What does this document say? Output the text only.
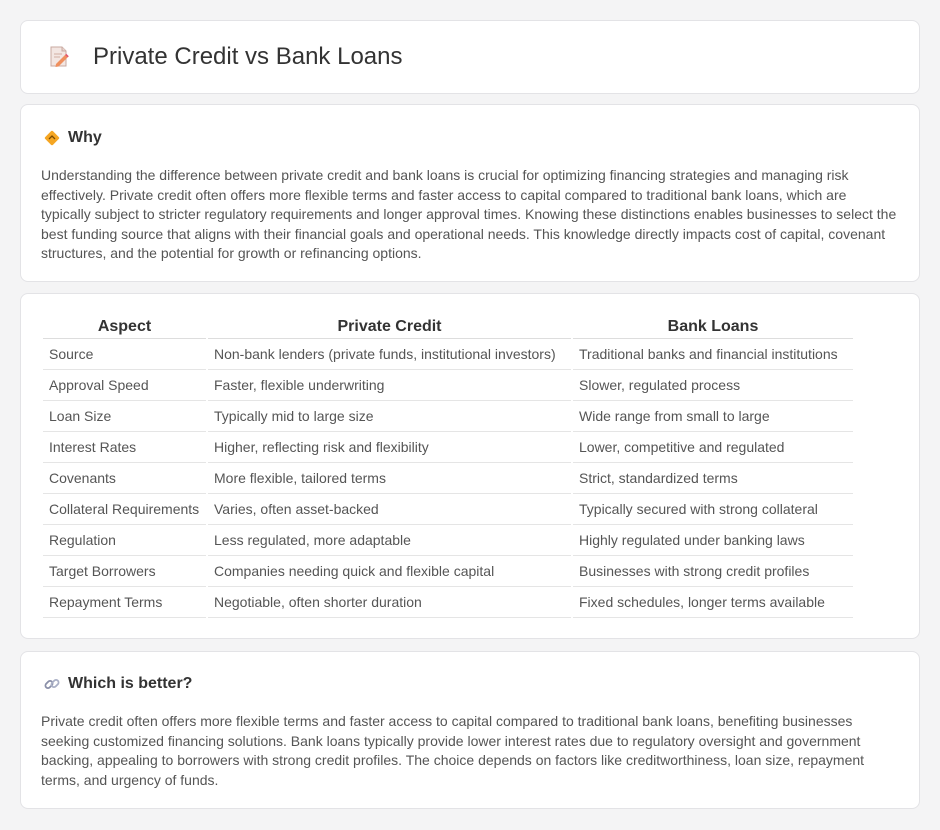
Private Credit vs Bank Loans
Why

Understanding the difference between private credit and bank loans is crucial for optimizing financing strategies and managing risk effectively. Private credit often offers more flexible terms and faster access to capital compared to traditional bank loans, which are typically subject to stricter regulatory requirements and longer approval times. Knowing these distinctions enables businesses to select the best funding source that aligns with their financial goals and operational needs. This knowledge directly impacts cost of capital, covenant structures, and the potential for growth or refinancing options.

Aspect	Private Credit	Bank Loans
Source	Non-bank lenders (private funds, institutional investors)	Traditional banks and financial institutions
Approval Speed	Faster, flexible underwriting	Slower, regulated process
Loan Size	Typically mid to large size	Wide range from small to large
Interest Rates	Higher, reflecting risk and flexibility	Lower, competitive and regulated
Covenants	More flexible, tailored terms	Strict, standardized terms
Collateral Requirements	Varies, often asset-backed	Typically secured with strong collateral
Regulation	Less regulated, more adaptable	Highly regulated under banking laws
Target Borrowers	Companies needing quick and flexible capital	Businesses with strong credit profiles
Repayment Terms	Negotiable, often shorter duration	Fixed schedules, longer terms available
Which is better?

Private credit often offers more flexible terms and faster access to capital compared to traditional bank loans, benefiting businesses seeking customized financing solutions. Bank loans typically provide lower interest rates due to regulatory oversight and government backing, appealing to borrowers with strong credit profiles. The choice depends on factors like creditworthiness, loan size, repayment terms, and urgency of funds.
